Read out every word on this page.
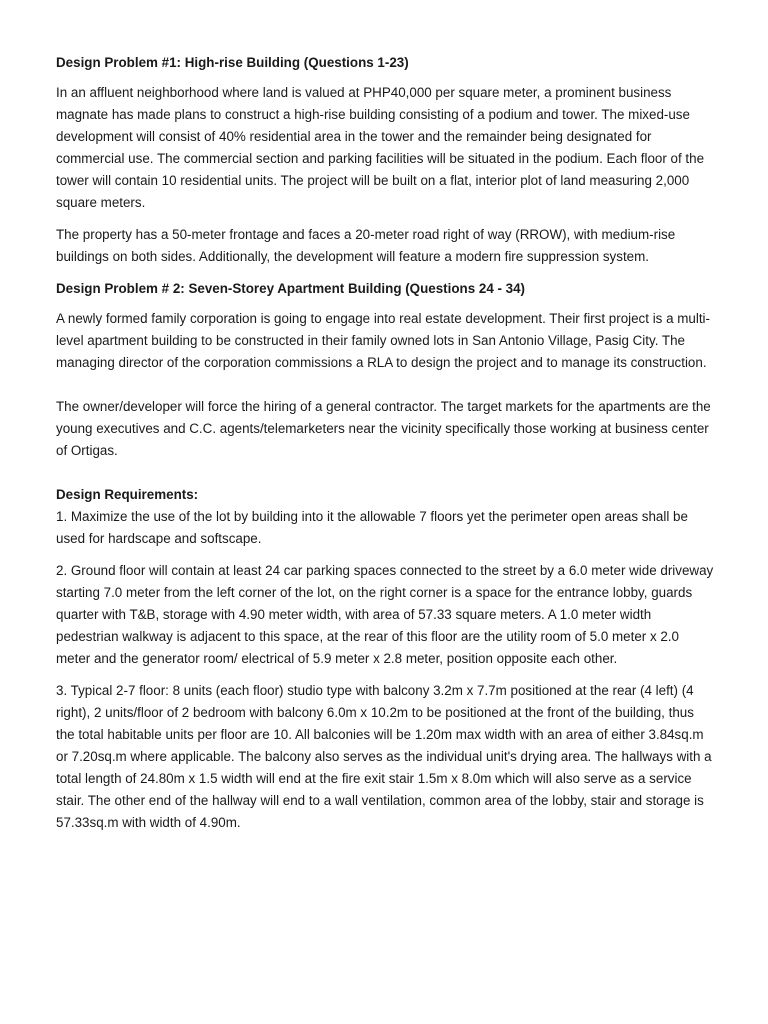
Design Problem #1: High-rise Building (Questions 1-23)

In an affluent neighborhood where land is valued at PHP40,000 per square meter, a prominent business magnate has made plans to construct a high-rise building consisting of a podium and tower. The mixed-use development will consist of 40% residential area in the tower and the remainder being designated for commercial use. The commercial section and parking facilities will be situated in the podium. Each floor of the tower will contain 10 residential units. The project will be built on a flat, interior plot of land measuring 2,000 square meters.

The property has a 50-meter frontage and faces a 20-meter road right of way (RROW), with medium-rise buildings on both sides. Additionally, the development will feature a modern fire suppression system.

Design Problem # 2: Seven-Storey Apartment Building (Questions 24 - 34)

A newly formed family corporation is going to engage into real estate development. Their first project is a multi-level apartment building to be constructed in their family owned lots in San Antonio Village, Pasig City. The managing director of the corporation commissions a RLA to design the project and to manage its construction.

The owner/developer will force the hiring of a general contractor. The target markets for the apartments are the
young executives and C.C. agents/telemarketers near the vicinity specifically those working at business center
of Ortigas.

Design Requirements:

1. Maximize the use of the lot by building into it the allowable 7 floors yet the perimeter open areas shall be used for hardscape and softscape.

2. Ground floor will contain at least 24 car parking spaces connected to the street by a 6.0 meter wide driveway starting 7.0 meter from the left corner of the lot, on the right corner is a space for the entrance lobby, guards quarter with T&B, storage with 4.90 meter width, with area of 57.33 square meters. A 1.0 meter width pedestrian walkway is adjacent to this space, at the rear of this floor are the utility room of 5.0 meter x 2.0 meter and the generator room/ electrical of 5.9 meter x 2.8 meter, position opposite each other.

3. Typical 2-7 floor: 8 units (each floor) studio type with balcony 3.2m x 7.7m positioned at the rear (4 left) (4 right), 2 units/floor of 2 bedroom with balcony 6.0m x 10.2m to be positioned at the front of the building, thus the total habitable units per floor are 10. All balconies will be 1.20m max width with an area of either 3.84sq.m or 7.20sq.m where applicable. The balcony also serves as the individual unit's drying area. The hallways with a total length of 24.80m x 1.5 width will end at the fire exit stair 1.5m x 8.0m which will also serve as a service stair. The other end of the hallway will end to a wall ventilation, common area of the lobby, stair and storage is 57.33sq.m with width of 4.90m.
